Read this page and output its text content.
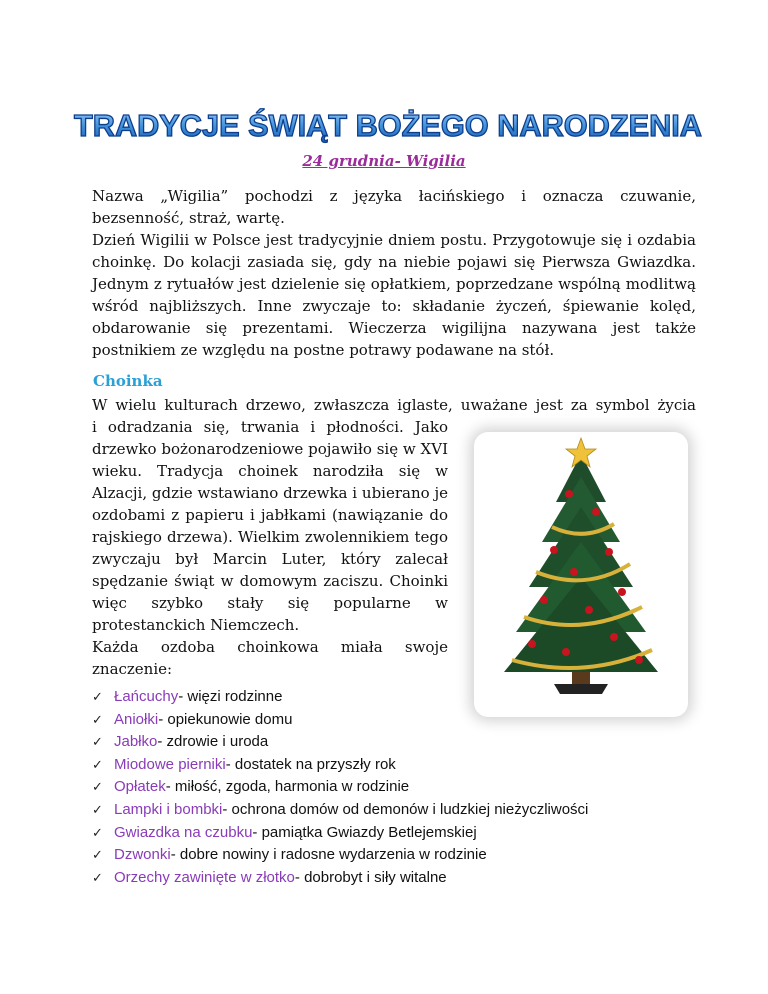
TRADYCJE ŚWIĄT BOŻEGO NARODZENIA
24 grudnia- Wigilia

Nazwa „Wigilia” pochodzi z języka łacińskiego i oznacza czuwanie, bezsenność, straż, wartę.
Dzień Wigilii w Polsce jest tradycyjnie dniem postu. Przygotowuje się i ozdabia choinkę. Do kolacji zasiada się, gdy na niebie pojawi się Pierwsza Gwiazdka. Jednym z rytuałów jest dzielenie się opłatkiem, poprzedzane wspólną modlitwą wśród najbliższych. Inne zwyczaje to: składanie życzeń, śpiewanie kolęd, obdarowanie się prezentami. Wieczerza wigilijna nazywana jest także postnikiem ze względu na postne potrawy podawane na stół.

Choinka

W wielu kulturach drzewo, zwłaszcza iglaste, uważane jest za symbol życia

i odradzania się, trwania i płodności. Jako drzewko bożonarodzeniowe pojawiło się w XVI wieku. Tradycja choinek narodziła się w Alzacji, gdzie wstawiano drzewka i ubierano je ozdobami z papieru i jabłkami (nawiązanie do rajskiego drzewa). Wielkim zwolennikiem tego zwyczaju był Marcin Luter, który zalecał spędzanie świąt w domowym zaciszu. Choinki więc szybko stały się popularne w protestanckich Niemczech.
Każda ozdoba choinkowa miała swoje znaczenie:

✓ Łańcuchy- więzi rodzinne
✓ Aniołki- opiekunowie domu
✓ Jabłko- zdrowie i uroda
✓ Miodowe pierniki- dostatek na przyszły rok
✓ Opłatek- miłość, zgoda, harmonia w rodzinie
✓ Lampki i bombki- ochrona domów od demonów i ludzkiej nieżyczliwości
✓ Gwiazdka na czubku- pamiątka Gwiazdy Betlejemskiej
✓ Dzwonki- dobre nowiny i radosne wydarzenia w rodzinie
✓ Orzechy zawinięte w złotko- dobrobyt i siły witalne
